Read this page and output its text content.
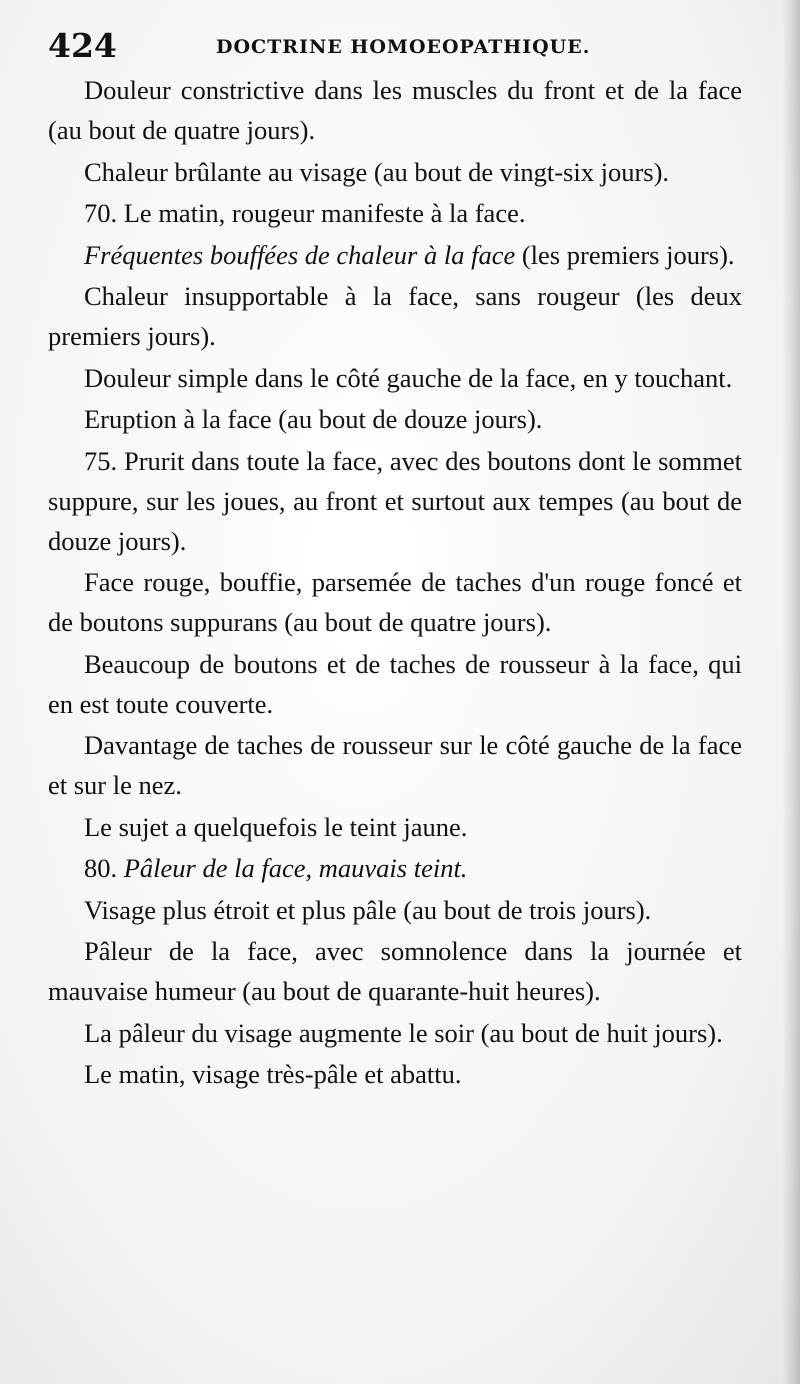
424	DOCTRINE HOMOEOPATHIQUE.

Douleur constrictive dans les muscles du front et de la face (au bout de quatre jours).

Chaleur brûlante au visage (au bout de vingt-six jours).

70. Le matin, rougeur manifeste à la face.

Fréquentes bouffées de chaleur à la face (les premiers jours).

Chaleur insupportable à la face, sans rougeur (les deux premiers jours).

Douleur simple dans le côté gauche de la face, en y touchant.

Eruption à la face (au bout de douze jours).

75. Prurit dans toute la face, avec des boutons dont le sommet suppure, sur les joues, au front et surtout aux tempes (au bout de douze jours).

Face rouge, bouffie, parsemée de taches d'un rouge foncé et de boutons suppurans (au bout de quatre jours).

Beaucoup de boutons et de taches de rousseur à la face, qui en est toute couverte.

Davantage de taches de rousseur sur le côté gauche de la face et sur le nez.

Le sujet a quelquefois le teint jaune.

80. Pâleur de la face, mauvais teint.

Visage plus étroit et plus pâle (au bout de trois jours).

Pâleur de la face, avec somnolence dans la journée et mauvaise humeur (au bout de quarante-huit heures).

La pâleur du visage augmente le soir (au bout de huit jours).

Le matin, visage très-pâle et abattu.
